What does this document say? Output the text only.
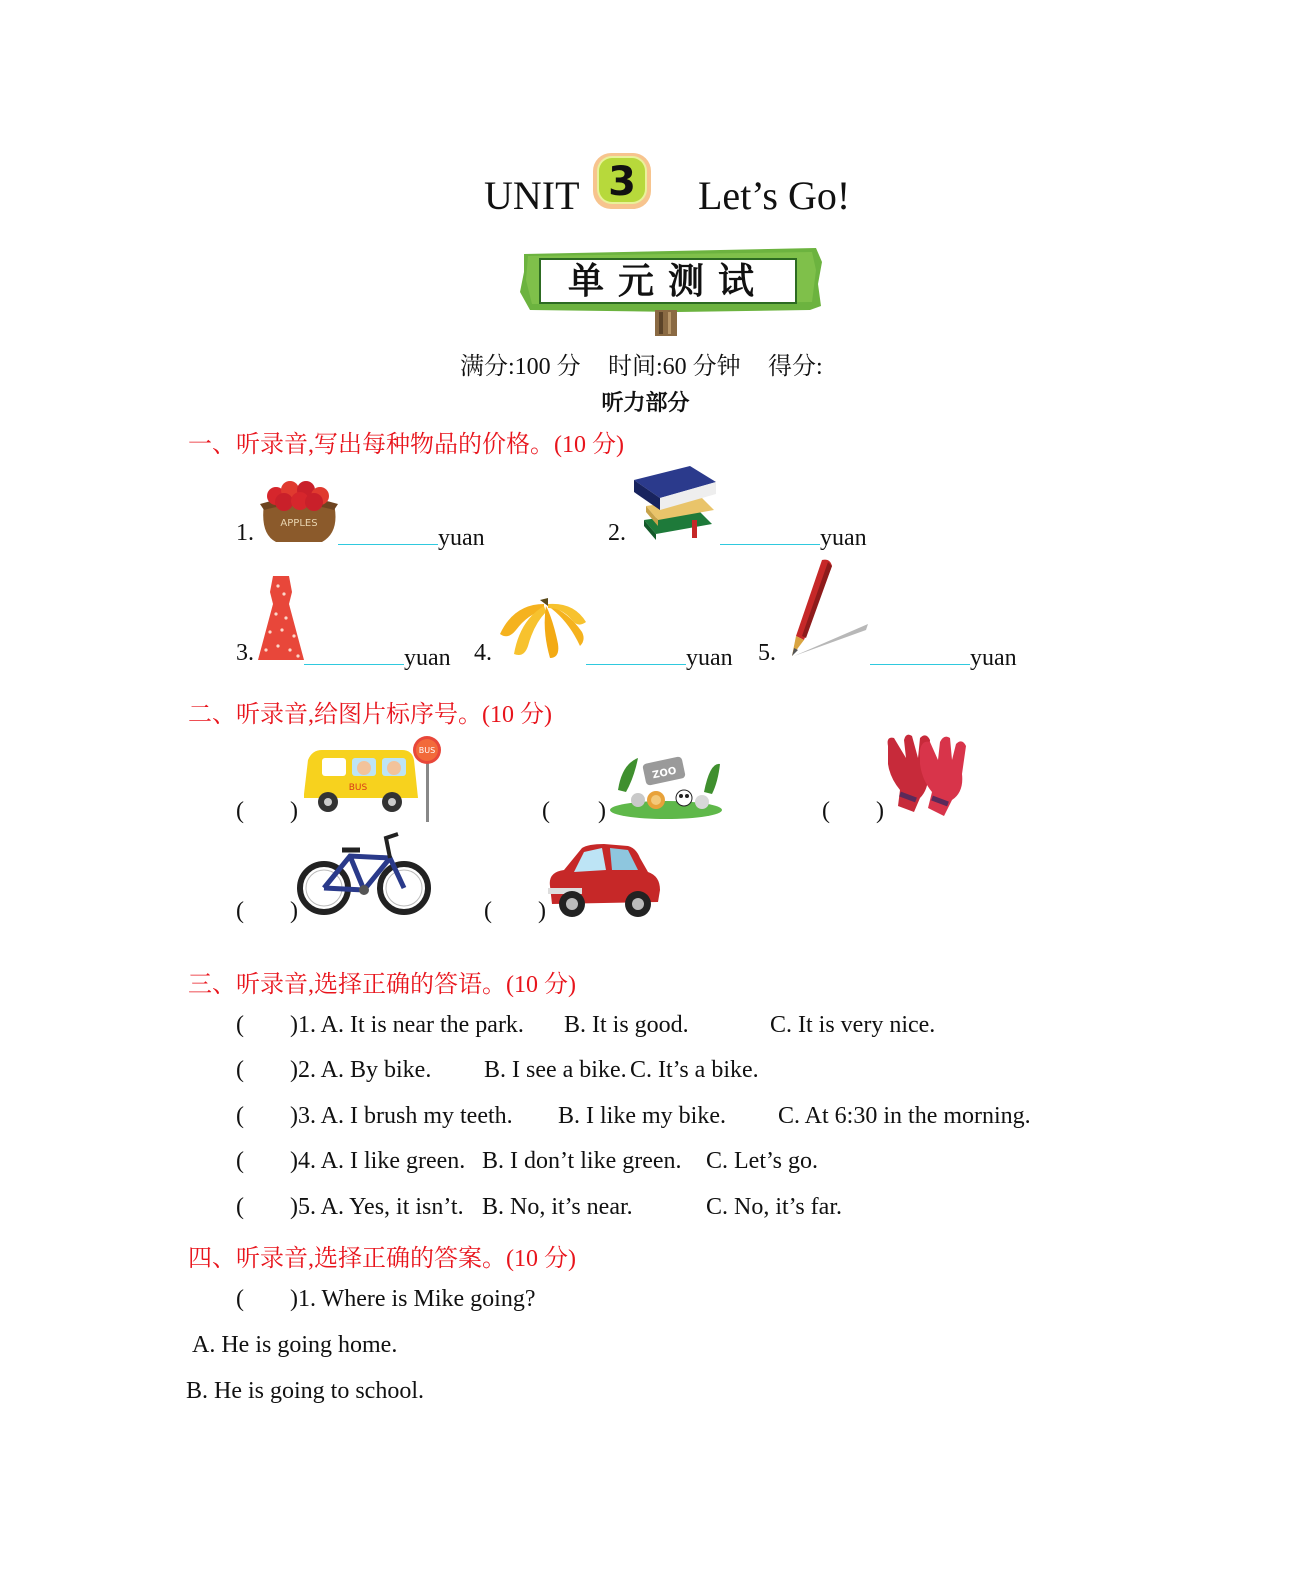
UNIT 3 Let’s Go!
单元测试
满分:100 分 时间:60 分钟 得分:
听力部分
一、听录音,写出每种物品的价格。(10 分)
1.	APPLES
yuan	2.	yuan
3.	yuan 4.	yuan 5.	yuan
二、听录音,给图片标序号。(10 分)
( )
BUS
BUS
( )
ZOO
( )
( )	( )
三、听录音,选择正确的答语。(10 分)
( )1. A. It is near the park. B. It is good.	C. It is very nice.
( )2. A. By bike. B. I see a bike. C. It’s a bike.
( )3. A. I brush my teeth. B. I like my bike. C. At 6:30 in the morning.
( )4. A. I like green. B. I don’t like green. C. Let’s go.
( )5. A. Yes, it isn’t. B. No, it’s near.	C. No, it’s far.
四、听录音,选择正确的答案。(10 分)
( )1. Where is Mike going?
A. He is going home.
B. He is going to school.
